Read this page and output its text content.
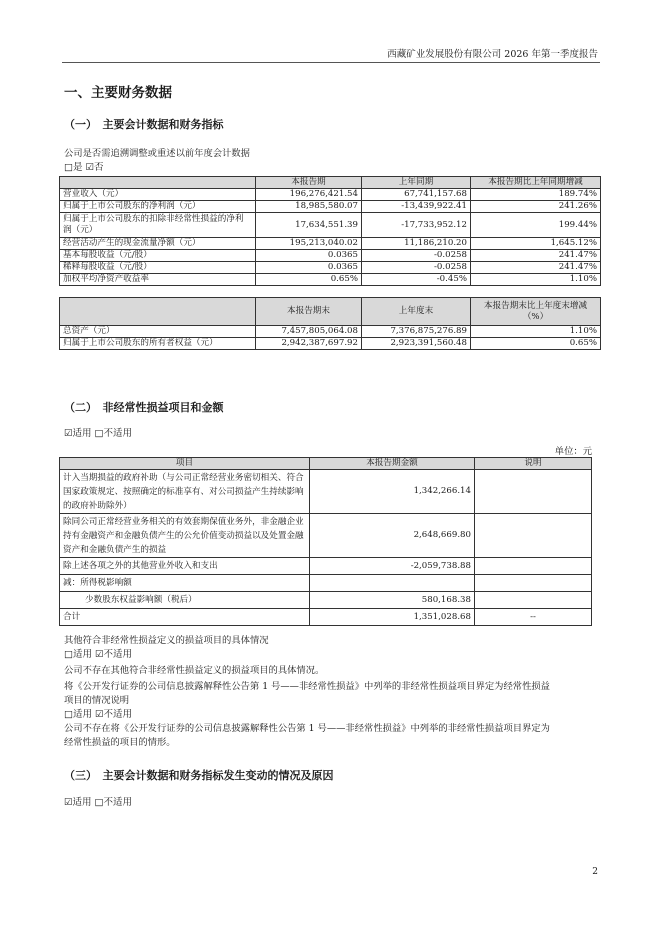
西藏矿业发展股份有限公司 2026 年第一季度报告
一、主要财务数据
（一）　主要会计数据和财务指标
公司是否需追溯调整或重述以前年度会计数据
□是 ☑否
	本报告期	上年同期	本报告期比上年同期增减
营业收入（元）	196,276,421.54	67,741,157.68	189.74%
归属于上市公司股东的净利润（元）	18,985,580.07	-13,439,922.41	241.26%
归属于上市公司股东的扣除非经常性损益的净利润（元）	17,634,551.39	-17,733,952.12	199.44%
经营活动产生的现金流量净额（元）	195,213,040.02	11,186,210.20	1,645.12%
基本每股收益（元/股）	0.0365	-0.0258	241.47%
稀释每股收益（元/股）	0.0365	-0.0258	241.47%
加权平均净资产收益率	0.65%	-0.45%	1.10%
	本报告期末	上年度末	本报告期末比上年度末增减（%）
总资产（元）	7,457,805,064.08	7,376,875,276.89	1.10%
归属于上市公司股东的所有者权益（元）	2,942,387,697.92	2,923,391,560.48	0.65%
（二）　非经常性损益项目和金额
☑适用 □不适用
单位：元
项目	本报告期金额	说明
计入当期损益的政府补助（与公司正常经营业务密切相关、符合国家政策规定、按照确定的标准享有、对公司损益产生持续影响的政府补助除外）	1,342,266.14	
除同公司正常经营业务相关的有效套期保值业务外，非金融企业持有金融资产和金融负债产生的公允价值变动损益以及处置金融资产和金融负债产生的损益	2,648,669.80	
除上述各项之外的其他营业外收入和支出	-2,059,738.88	
减：所得税影响额		
少数股东权益影响额（税后）	580,168.38	
合计	1,351,028.68	--
其他符合非经常性损益定义的损益项目的具体情况
□适用 ☑不适用
公司不存在其他符合非经常性损益定义的损益项目的具体情况。
将《公开发行证券的公司信息披露解释性公告第 1 号——非经常性损益》中列举的非经常性损益项目界定为经常性损益
项目的情况说明
□适用 ☑不适用
公司不存在将《公开发行证券的公司信息披露解释性公告第 1 号——非经常性损益》中列举的非经常性损益项目界定为
经常性损益的项目的情形。
（三）　主要会计数据和财务指标发生变动的情况及原因
☑适用 □不适用
2
